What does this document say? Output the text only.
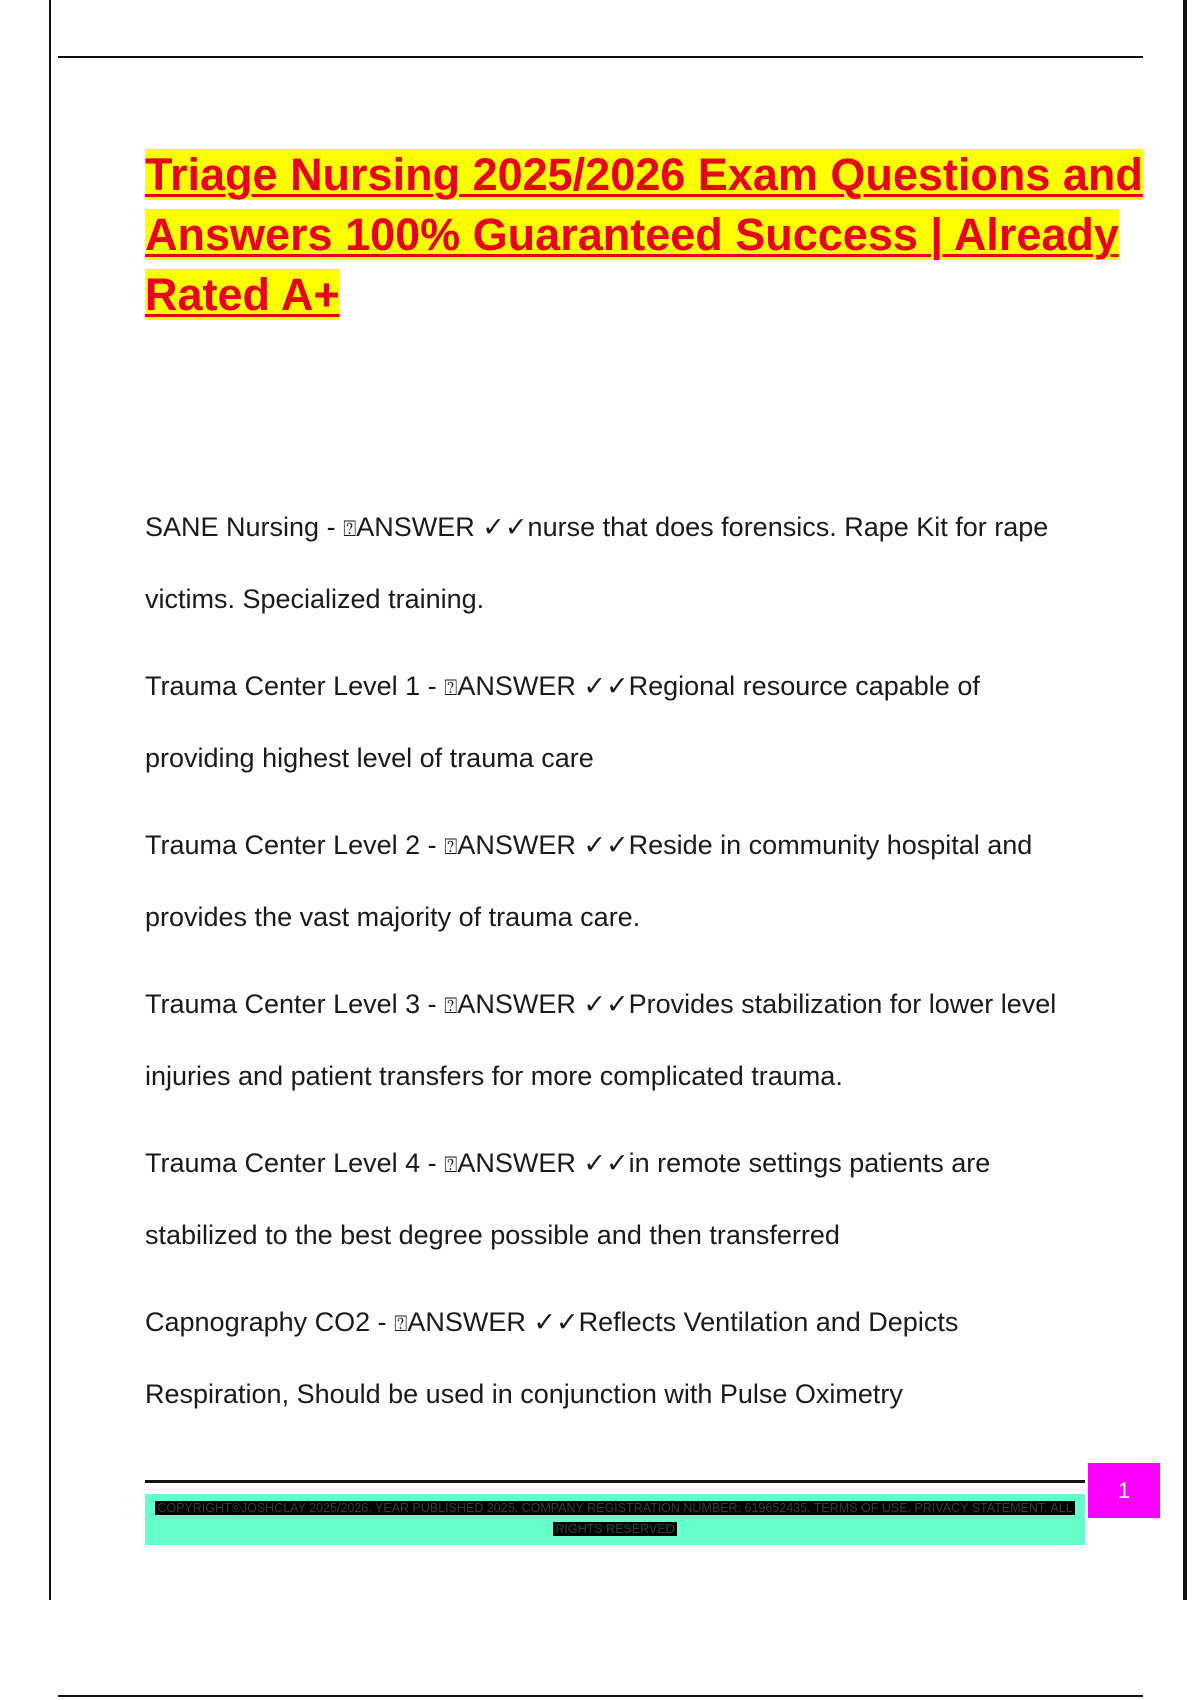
Triage Nursing 2025/2026 Exam Questions and Answers 100% Guaranteed Success | Already Rated A+

SANE Nursing - ⍰ANSWER ✓✓nurse that does forensics. Rape Kit for rape victims. Specialized training.

Trauma Center Level 1 - ⍰ANSWER ✓✓Regional resource capable of providing highest level of trauma care

Trauma Center Level 2 - ⍰ANSWER ✓✓Reside in community hospital and provides the vast majority of trauma care.

Trauma Center Level 3 - ⍰ANSWER ✓✓Provides stabilization for lower level injuries and patient transfers for more complicated trauma.

Trauma Center Level 4 - ⍰ANSWER ✓✓in remote settings patients are stabilized to the best degree possible and then transferred

Capnography CO2 - ⍰ANSWER ✓✓Reflects Ventilation and Depicts Respiration, Should be used in conjunction with Pulse Oximetry

COPYRIGHT©JOSHCLAY 2025/2026. YEAR PUBLISHED 2025. COMPANY REGISTRATION NUMBER: 619652435. TERMS OF USE. PRIVACY STATEMENT. ALL RIGHTS RESERVED
1
